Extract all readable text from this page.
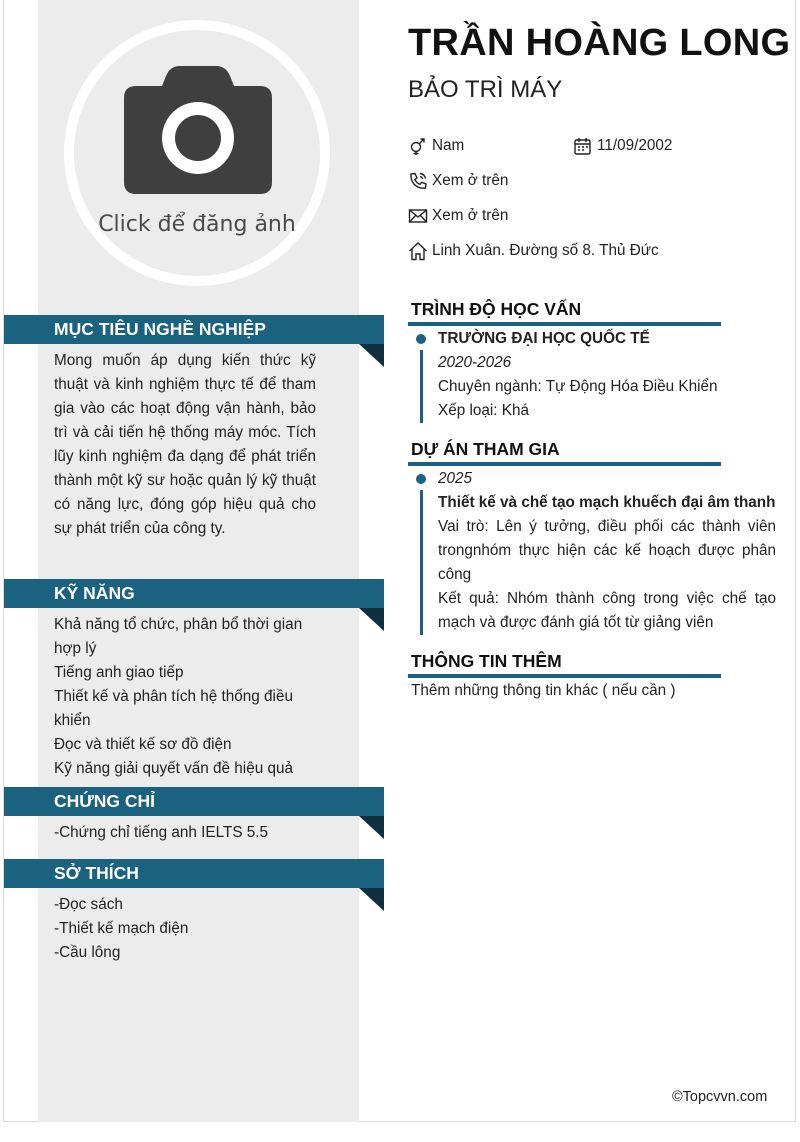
Click để đăng ảnh
TRẦN HOÀNG LONG
BẢO TRÌ MÁY
Nam	11/09/2002
Xem ở trên
Xem ở trên
Linh Xuân. Đường số 8. Thủ Đức
MỤC TIÊU NGHỀ NGHIỆP
Mong muốn áp dụng kiến thức kỹ thuật và kinh nghiệm thực tế để tham gia vào các hoạt động vận hành, bảo trì và cải tiến hệ thống máy móc. Tích lũy kinh nghiệm đa dạng để phát triển thành một kỹ sư hoặc quản lý kỹ thuật có năng lực, đóng góp hiệu quả cho sự phát triển của công ty.
KỸ NĂNG
Khả năng tổ chức, phân bổ thời gian hợp lý
Tiếng anh giao tiếp
Thiết kế và phân tích hệ thống điều khiển
Đọc và thiết kế sơ đồ điện
Kỹ năng giải quyết vấn đề hiệu quả
CHỨNG CHỈ
-Chứng chỉ tiếng anh IELTS 5.5
SỞ THÍCH
-Đọc sách
-Thiết kế mạch điện
-Cầu lông
TRÌNH ĐỘ HỌC VẤN
TRƯỜNG ĐẠI HỌC QUỐC TẾ
2020-2026
Chuyên ngành: Tự Động Hóa Điều Khiển
Xếp loại: Khá
DỰ ÁN THAM GIA
2025
Thiết kế và chế tạo mạch khuếch đại âm thanh
Vai trò: Lên ý tưởng, điều phối các thành viên trongnhóm thực hiện các kế hoạch được phân công
Kết quả: Nhóm thành công trong việc chế tạo mạch và được đánh giá tốt từ giảng viên
THÔNG TIN THÊM
Thêm những thông tin khác ( nếu cần )
©Topcvvn.com
